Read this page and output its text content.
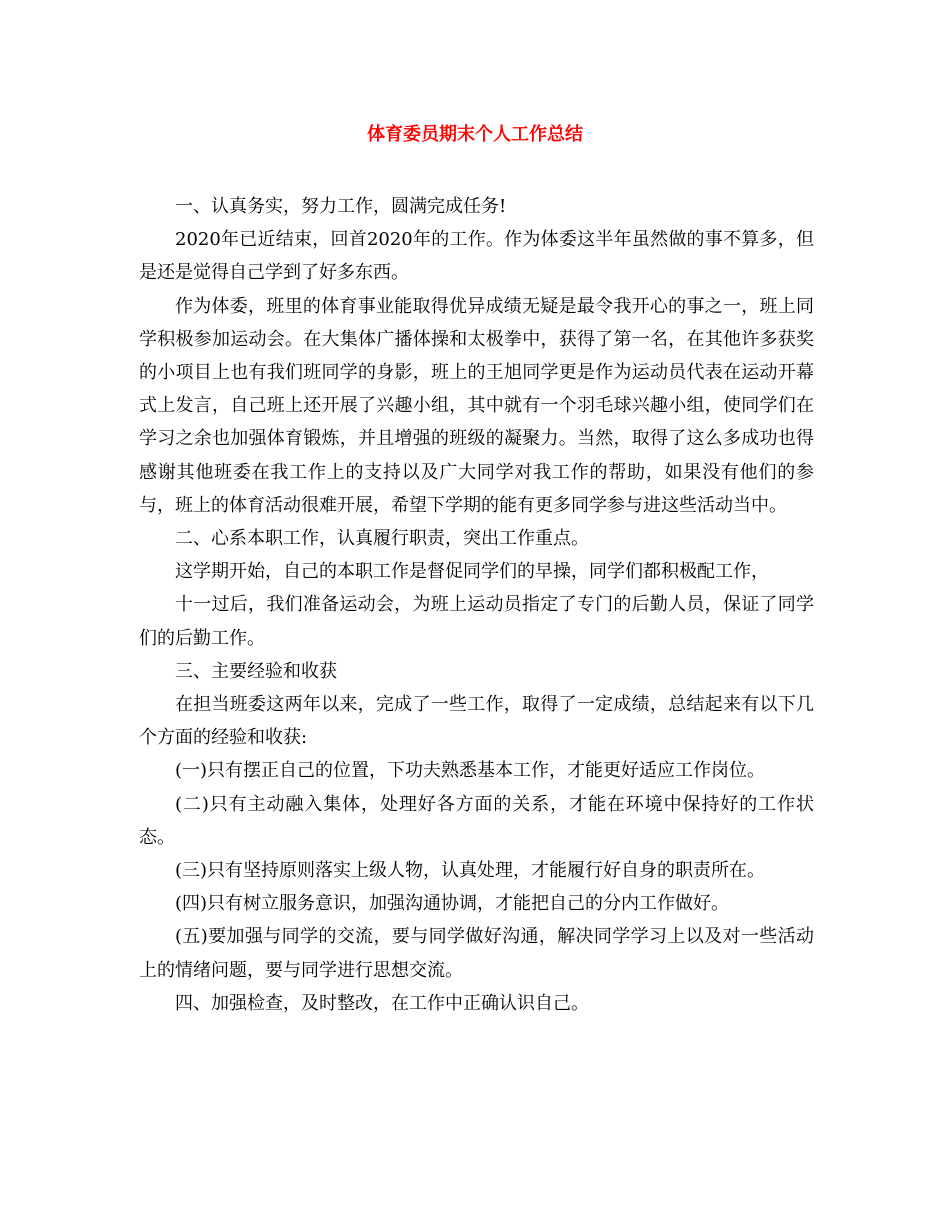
体育委员期末个人工作总结

一、认真务实，努力工作，圆满完成任务!

2020年已近结束，回首2020年的工作。作为体委这半年虽然做的事不算多，但是还是觉得自己学到了好多东西。

作为体委，班里的体育事业能取得优异成绩无疑是最令我开心的事之一，班上同学积极参加运动会。在大集体广播体操和太极拳中，获得了第一名，在其他许多获奖的小项目上也有我们班同学的身影，班上的王旭同学更是作为运动员代表在运动开幕式上发言，自己班上还开展了兴趣小组，其中就有一个羽毛球兴趣小组，使同学们在学习之余也加强体育锻炼，并且增强的班级的凝聚力。当然，取得了这么多成功也得感谢其他班委在我工作上的支持以及广大同学对我工作的帮助，如果没有他们的参与，班上的体育活动很难开展，希望下学期的能有更多同学参与进这些活动当中。

二、心系本职工作，认真履行职责，突出工作重点。

这学期开始，自己的本职工作是督促同学们的早操，同学们都积极配工作，

十一过后，我们准备运动会，为班上运动员指定了专门的后勤人员，保证了同学们的后勤工作。

三、主要经验和收获

在担当班委这两年以来，完成了一些工作，取得了一定成绩，总结起来有以下几个方面的经验和收获:

(一)只有摆正自己的位置，下功夫熟悉基本工作，才能更好适应工作岗位。

(二)只有主动融入集体，处理好各方面的关系，才能在环境中保持好的工作状态。

(三)只有坚持原则落实上级人物，认真处理，才能履行好自身的职责所在。

(四)只有树立服务意识，加强沟通协调，才能把自己的分内工作做好。

(五)要加强与同学的交流，要与同学做好沟通，解决同学学习上以及对一些活动上的情绪问题，要与同学进行思想交流。

四、加强检查，及时整改，在工作中正确认识自己。
